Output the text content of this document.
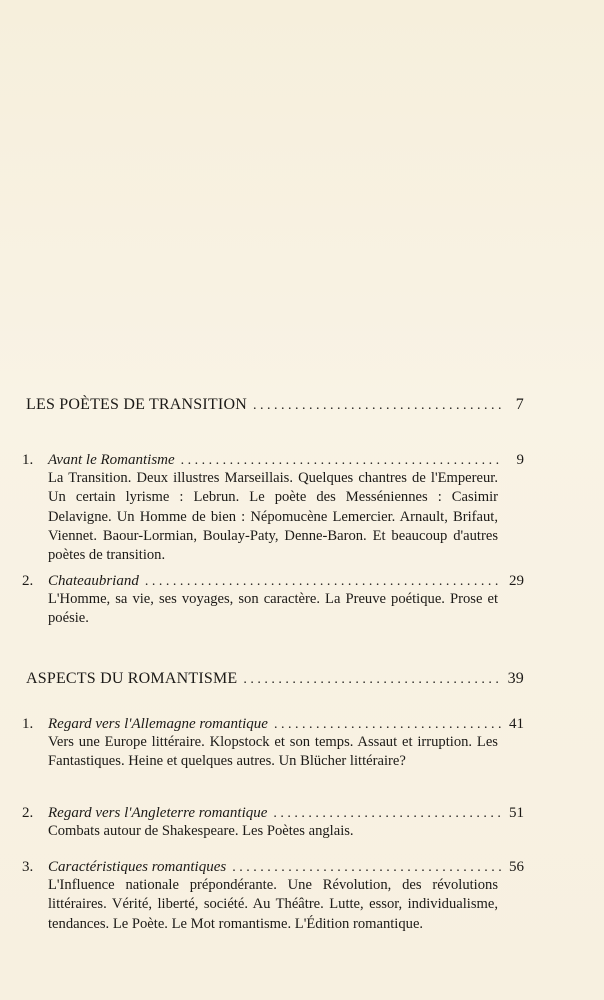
LES POÈTES DE TRANSITION . . .	7
1. Avant le Romantisme . . .	9
La Transition. Deux illustres Marseillais. Quelques chantres de l'Empereur. Un certain lyrisme : Lebrun. Le poète des Messéniennes : Casimir Delavigne. Un Homme de bien : Népomucène Lemercier. Arnault, Brifaut, Viennet. Baour-Lormian, Boulay-Paty, Denne-Baron. Et beaucoup d'autres poètes de transition.
2. Chateaubriand . . .	29
L'Homme, sa vie, ses voyages, son caractère. La Preuve poétique. Prose et poésie.
ASPECTS DU ROMANTISME . . .	39
1. Regard vers l'Allemagne romantique . . .	41
Vers une Europe littéraire. Klopstock et son temps. Assaut et irruption. Les Fantastiques. Heine et quelques autres. Un Blücher littéraire?
2. Regard vers l'Angleterre romantique . . .	51
Combats autour de Shakespeare. Les Poètes anglais.
3. Caractéristiques romantiques . . .	56
L'Influence nationale prépondérante. Une Révolution, des révolutions littéraires. Vérité, liberté, société. Au Théâtre. Lutte, essor, individualisme, tendances. Le Poète. Le Mot romantisme. L'Édition romantique.
